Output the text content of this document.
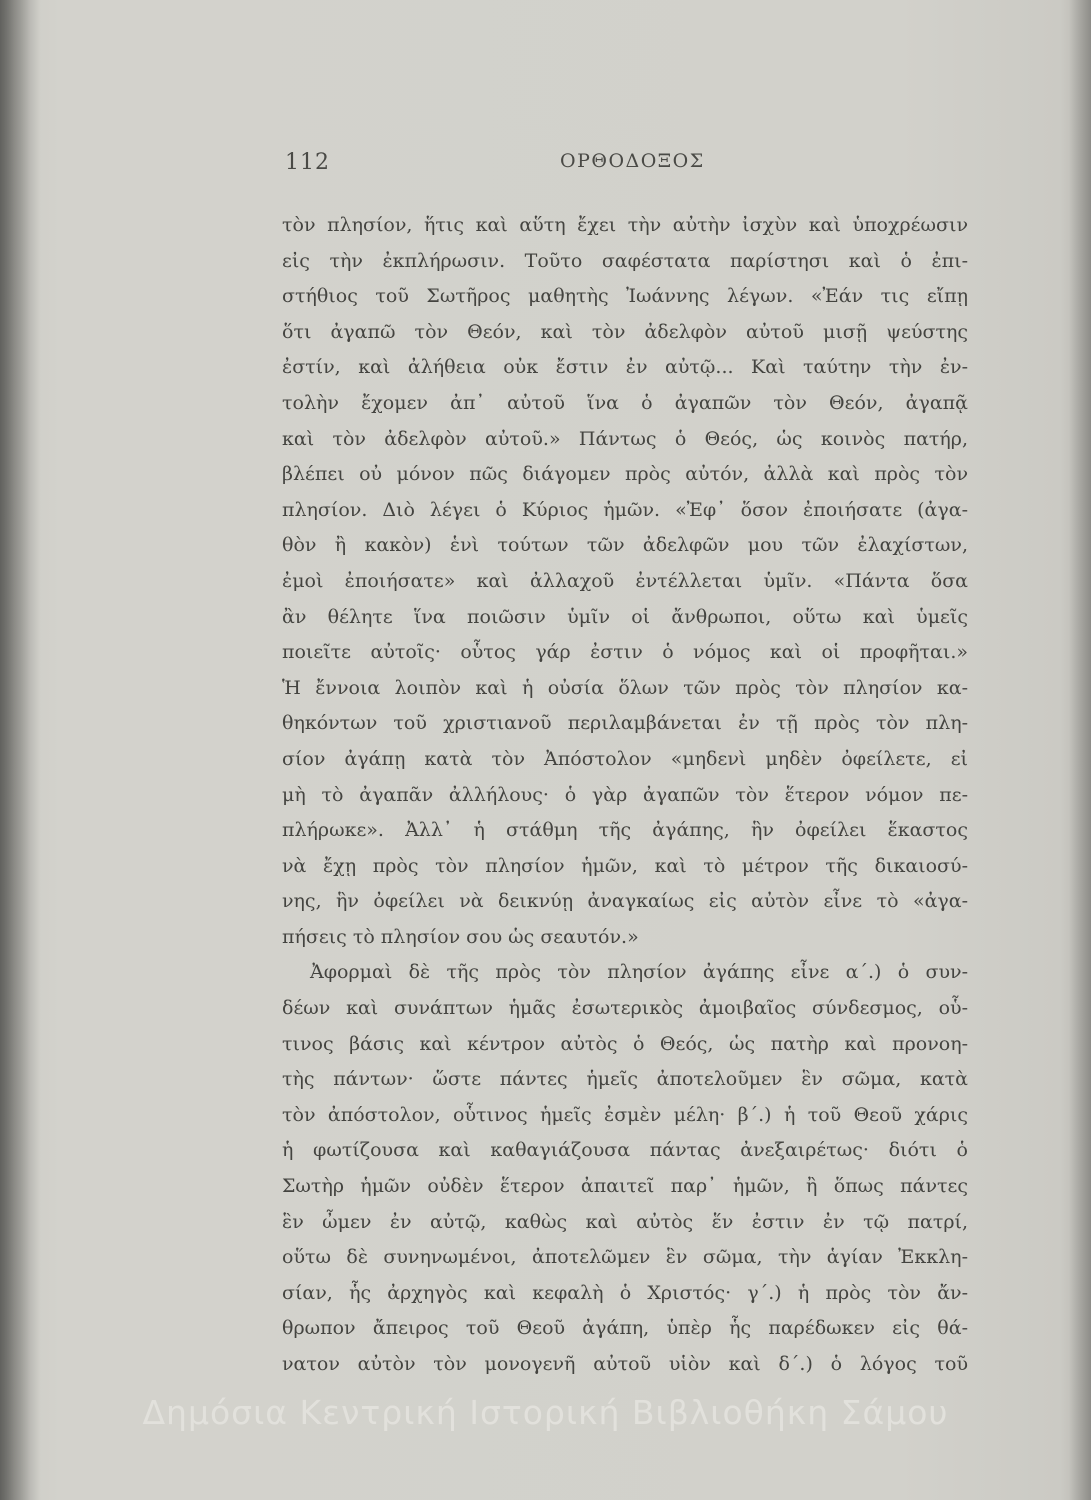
112	ΟΡΘΟΔΟΞΟΣ
τὸν πλησίον, ἥτις καὶ αὕτη ἔχει τὴν αὐτὴν ἰσχὺν καὶ ὑποχρέωσιν
εἰς τὴν ἐκπλήρωσιν. Τοῦτο σαφέστατα παρίστησι καὶ ὁ ἐπι-
στήθιος τοῦ Σωτῆρος μαθητὴς Ἰωάννης λέγων. «Ἐάν τις εἴπῃ
ὅτι ἀγαπῶ τὸν Θεόν, καὶ τὸν ἀδελφὸν αὐτοῦ μισῇ ψεύστης
ἐστίν, καὶ ἀλήθεια οὐκ ἔστιν ἐν αὐτῷ... Καὶ ταύτην τὴν ἐν-
τολὴν ἔχομεν ἀπ᾿ αὐτοῦ ἵνα ὁ ἀγαπῶν τὸν Θεόν, ἀγαπᾷ
καὶ τὸν ἀδελφὸν αὐτοῦ.» Πάντως ὁ Θεός, ὡς κοινὸς πατήρ,
βλέπει οὐ μόνον πῶς διάγομεν πρὸς αὐτόν, ἀλλὰ καὶ πρὸς τὸν
πλησίον. Διὸ λέγει ὁ Κύριος ἡμῶν. «Ἐφ᾿ ὅσον ἐποιήσατε (ἀγα-
θὸν ἢ κακὸν) ἑνὶ τούτων τῶν ἀδελφῶν μου τῶν ἐλαχίστων,
ἐμοὶ ἐποιήσατε» καὶ ἀλλαχοῦ ἐντέλλεται ὑμῖν. «Πάντα ὅσα
ἂν θέλητε ἵνα ποιῶσιν ὑμῖν οἱ ἄνθρωποι, οὕτω καὶ ὑμεῖς
ποιεῖτε αὐτοῖς· οὗτος γάρ ἐστιν ὁ νόμος καὶ οἱ προφῆται.»
Ἡ ἔννοια λοιπὸν καὶ ἡ οὐσία ὅλων τῶν πρὸς τὸν πλησίον κα-
θηκόντων τοῦ χριστιανοῦ περιλαμβάνεται ἐν τῇ πρὸς τὸν πλη-
σίον ἀγάπῃ κατὰ τὸν Ἀπόστολον «μηδενὶ μηδὲν ὀφείλετε, εἰ
μὴ τὸ ἀγαπᾶν ἀλλήλους· ὁ γὰρ ἀγαπῶν τὸν ἕτερον νόμον πε-
πλήρωκε». Ἀλλ᾿ ἡ στάθμη τῆς ἀγάπης, ἣν ὀφείλει ἕκαστος
νὰ ἔχῃ πρὸς τὸν πλησίον ἡμῶν, καὶ τὸ μέτρον τῆς δικαιοσύ-
νης, ἣν ὀφείλει νὰ δεικνύῃ ἀναγκαίως εἰς αὐτὸν εἶνε τὸ «ἀγα-
πήσεις τὸ πλησίον σου ὡς σεαυτόν.»
Ἀφορμαὶ δὲ τῆς πρὸς τὸν πλησίον ἀγάπης εἶνε α΄.) ὁ συν-
δέων καὶ συνάπτων ἡμᾶς ἐσωτερικὸς ἀμοιβαῖος σύνδεσμος, οὗ-
τινος βάσις καὶ κέντρον αὐτὸς ὁ Θεός, ὡς πατὴρ καὶ προνοη-
τὴς πάντων· ὥστε πάντες ἡμεῖς ἀποτελοῦμεν ἓν σῶμα, κατὰ
τὸν ἀπόστολον, οὗτινος ἡμεῖς ἐσμὲν μέλη· β΄.) ἡ τοῦ Θεοῦ χάρις
ἡ φωτίζουσα καὶ καθαγιάζουσα πάντας ἀνεξαιρέτως· διότι ὁ
Σωτὴρ ἡμῶν οὐδὲν ἕτερον ἀπαιτεῖ παρ᾿ ἡμῶν, ἢ ὅπως πάντες
ἓν ὦμεν ἐν αὐτῷ, καθὼς καὶ αὐτὸς ἕν ἐστιν ἐν τῷ πατρί,
οὕτω δὲ συνηνωμένοι, ἀποτελῶμεν ἓν σῶμα, τὴν ἁγίαν Ἐκκλη-
σίαν, ἧς ἀρχηγὸς καὶ κεφαλὴ ὁ Χριστός· γ΄.) ἡ πρὸς τὸν ἄν-
θρωπον ἄπειρος τοῦ Θεοῦ ἀγάπη, ὑπὲρ ἧς παρέδωκεν εἰς θά-
νατον αὐτὸν τὸν μονογενῆ αὐτοῦ υἱὸν καὶ δ΄.) ὁ λόγος τοῦ
Δημόσια Κεντρική Ιστορική Βιβλιοθήκη Σάμου
